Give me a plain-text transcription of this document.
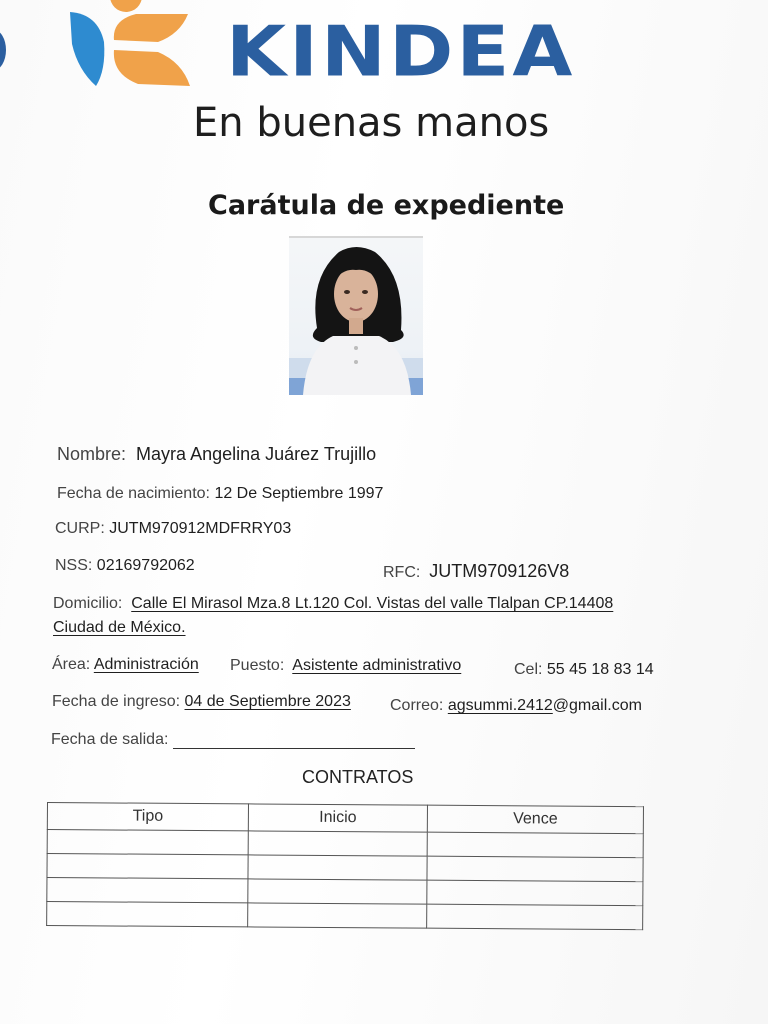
KINDEA
En buenas manos
Carátula de expediente
Nombre: Mayra Angelina Juárez Trujillo
Fecha de nacimiento: 12 De Septiembre 1997
CURP: JUTM970912MDFRRY03
NSS: 02169792062	RFC: JUTM9709126V8
Domicilio: Calle El Mirasol Mza.8 Lt.120 Col. Vistas del valle Tlalpan CP.14408
Ciudad de México.
Área: Administración Puesto: Asistente administrativo	Cel: 55 45 18 83 14
Fecha de ingreso: 04 de Septiembre 2023 Correo: agsummi.2412@gmail.com
Fecha de salida:
CONTRATOS
Tipo	Inicio	Vence
